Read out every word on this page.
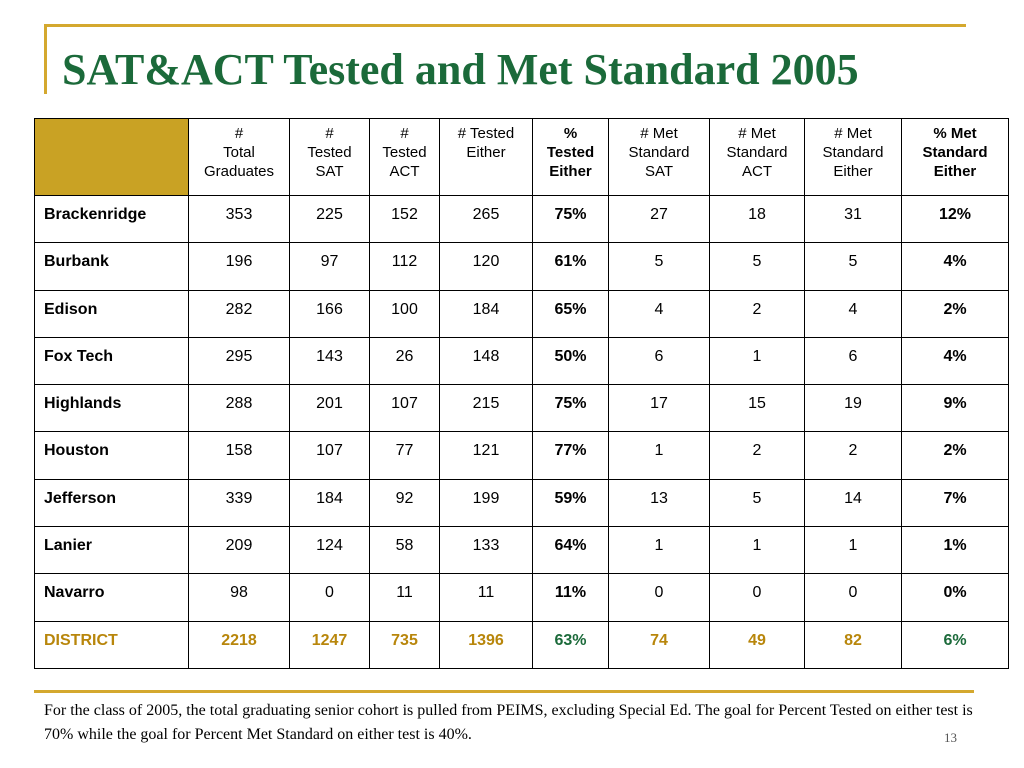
SAT&ACT Tested and Met Standard 2005
	#
Total
Graduates	#
Tested
SAT	#
Tested
ACT	# Tested
Either	%
Tested
Either	# Met
Standard
SAT	# Met
Standard
ACT	# Met
Standard
Either	% Met
Standard
Either
Brackenridge	353	225	152	265	75%	27	18	31	12%
Burbank	196	97	112	120	61%	5	5	5	4%
Edison	282	166	100	184	65%	4	2	4	2%
Fox Tech	295	143	26	148	50%	6	1	6	4%
Highlands	288	201	107	215	75%	17	15	19	9%
Houston	158	107	77	121	77%	1	2	2	2%
Jefferson	339	184	92	199	59%	13	5	14	7%
Lanier	209	124	58	133	64%	1	1	1	1%
Navarro	98	0	11	11	11%	0	0	0	0%
DISTRICT	2218	1247	735	1396	63%	74	49	82	6%

For the class of 2005, the total graduating senior cohort is pulled from PEIMS, excluding Special Ed. The goal for Percent Tested on either test is 70% while the goal for Percent Met Standard on either test is 40%.	13
